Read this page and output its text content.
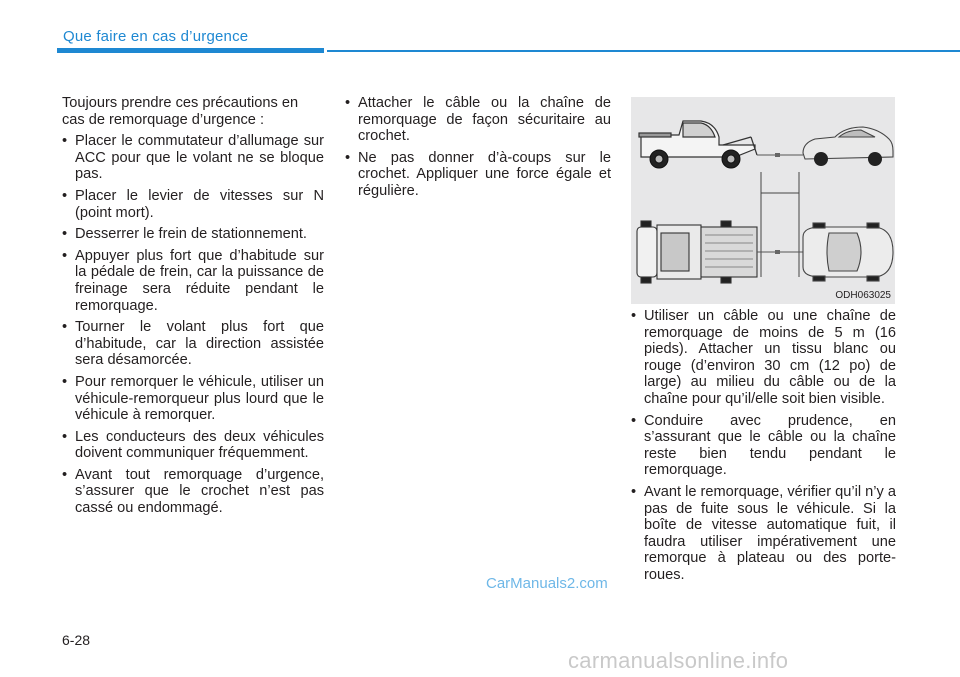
Que faire en cas d’urgence

Toujours prendre ces précautions en cas de remorquage d’urgence :

• Placer le commutateur d’allumage sur ACC pour que le volant ne se bloque pas.
• Placer le levier de vitesses sur N (point mort).
• Desserrer le frein de stationnement.
• Appuyer plus fort que d’habitude sur la pédale de frein, car la puissance de freinage sera réduite pendant le remorquage.
• Tourner le volant plus fort que d’habitude, car la direction assistée sera désamorcée.
• Pour remorquer le véhicule, utiliser un véhicule-remorqueur plus lourd que le véhicule à remorquer.
• Les conducteurs des deux véhicules doivent communiquer fréquemment.
• Avant tout remorquage d’urgence, s’assurer que le crochet n’est pas cassé ou endommagé.
• Attacher le câble ou la chaîne de remorquage de façon sécuritaire au crochet.
• Ne pas donner d’à-coups sur le crochet. Appliquer une force égale et régulière.
ODH063025
• Utiliser un câble ou une chaîne de remorquage de moins de 5 m (16 pieds). Attacher un tissu blanc ou rouge (d’environ 30 cm (12 po) de large) au milieu du câble ou de la chaîne pour qu’il/elle soit bien visible.
• Conduire avec prudence, en s’assurant que le câble ou la chaîne reste bien tendu pendant le remorquage.
• Avant le remorquage, vérifier qu’il n’y a pas de fuite sous le véhicule. Si la boîte de vitesse automatique fuit, il faudra utiliser impérativement une remorque à plateau ou des porte-roues.
6-28
CarManuals2.com
carmanualsonline.info
